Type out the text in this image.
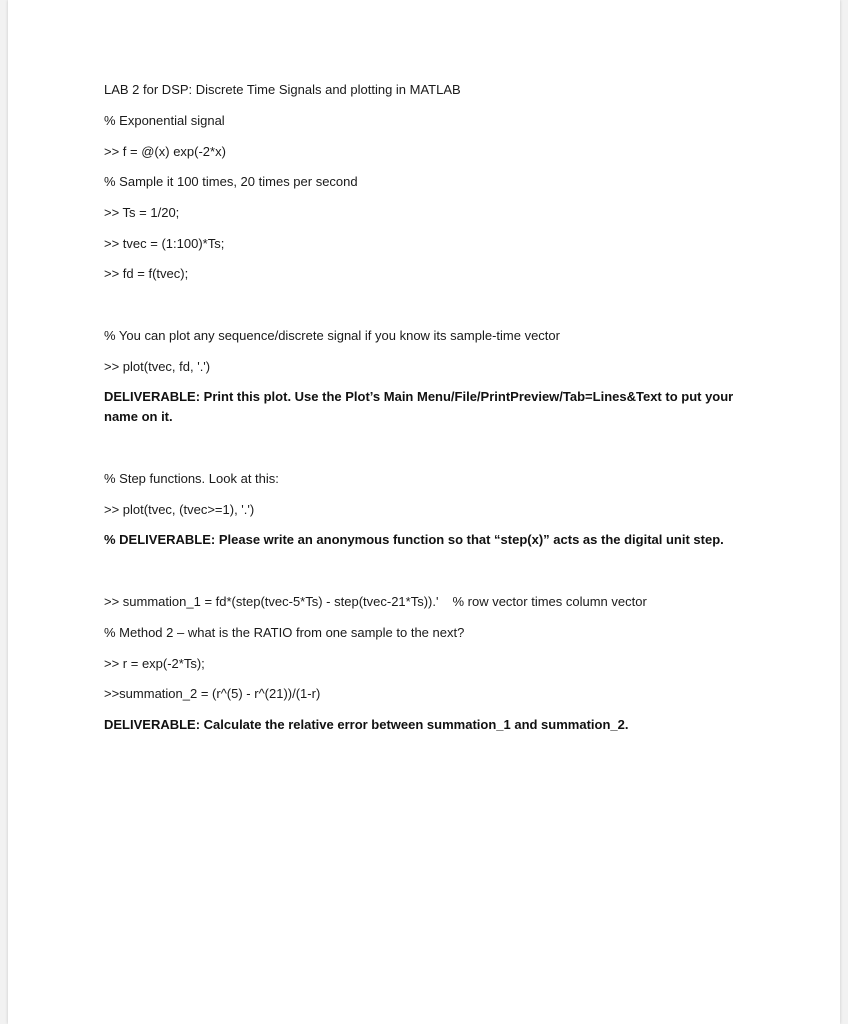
LAB 2 for DSP: Discrete Time Signals and plotting in MATLAB

% Exponential signal

>> f = @(x) exp(-2*x)

% Sample it 100 times, 20 times per second

>> Ts = 1/20;

>> tvec = (1:100)*Ts;

>> fd = f(tvec);

% You can plot any sequence/discrete signal if you know its sample-time vector

>> plot(tvec, fd, '.')

DELIVERABLE: Print this plot. Use the Plot’s Main Menu/File/PrintPreview/Tab=Lines&Text to put your name on it.

% Step functions. Look at this:

>> plot(tvec, (tvec>=1), '.')

% DELIVERABLE: Please write an anonymous function so that “step(x)” acts as the digital unit step.

>> summation_1 = fd*(step(tvec-5*Ts) - step(tvec-21*Ts)).' % row vector times column vector

% Method 2 – what is the RATIO from one sample to the next?

>> r = exp(-2*Ts);

>>summation_2 = (r^(5) - r^(21))/(1-r)

DELIVERABLE: Calculate the relative error between summation_1 and summation_2.
